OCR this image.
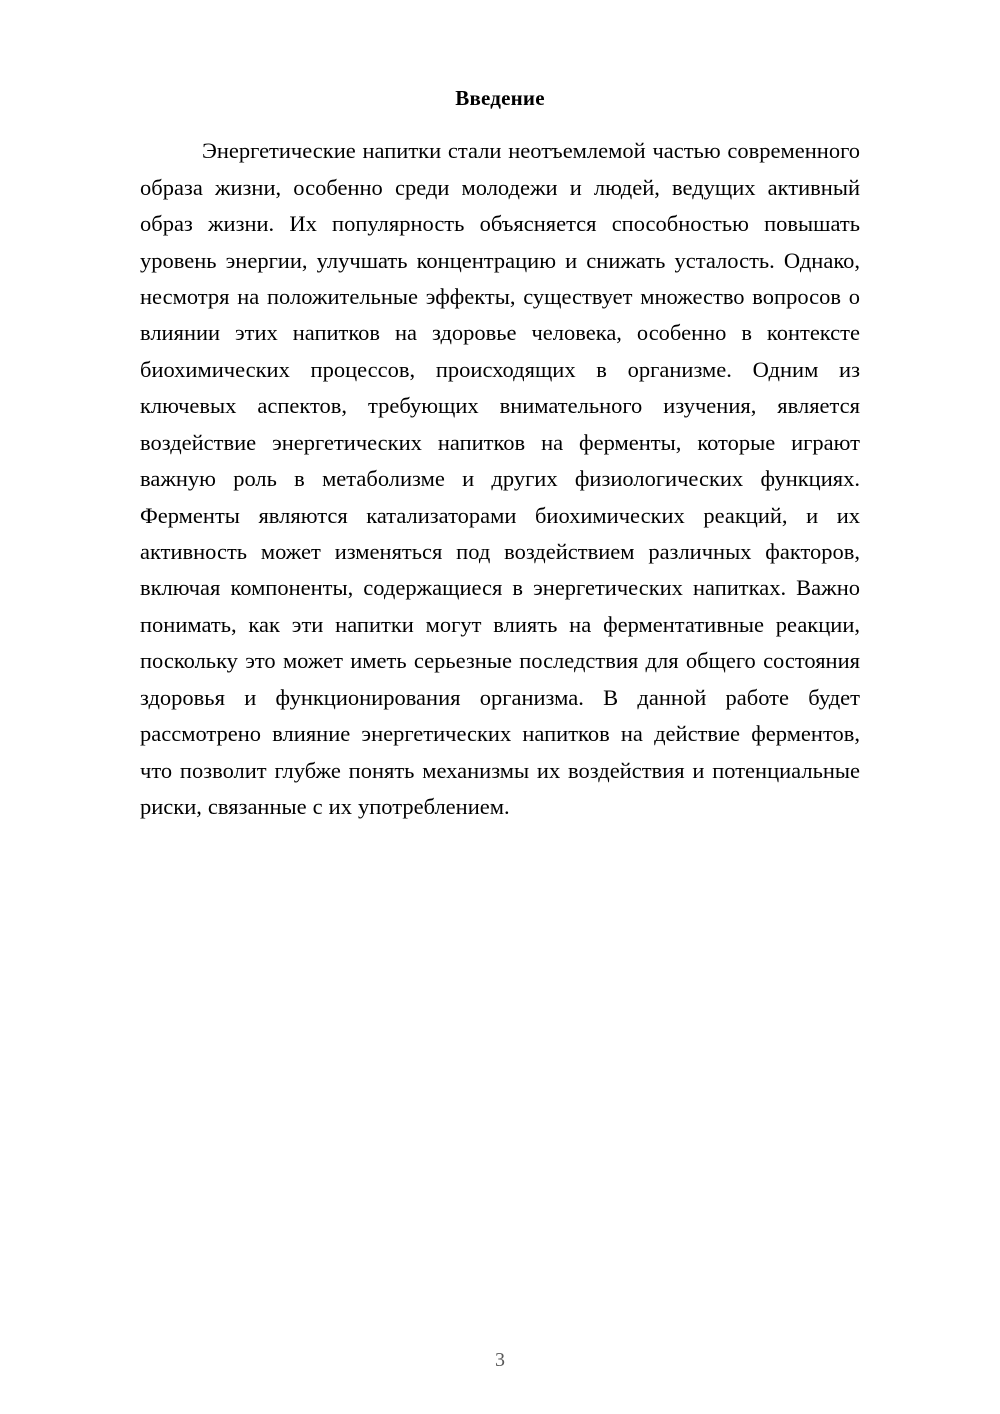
Введение

Энергетические напитки стали неотъемлемой частью современного образа жизни, особенно среди молодежи и людей, ведущих активный образ жизни. Их популярность объясняется способностью повышать уровень энергии, улучшать концентрацию и снижать усталость. Однако, несмотря на положительные эффекты, существует множество вопросов о влиянии этих напитков на здоровье человека, особенно в контексте биохимических процессов, происходящих в организме. Одним из ключевых аспектов, требующих внимательного изучения, является воздействие энергетических напитков на ферменты, которые играют важную роль в метаболизме и других физиологических функциях. Ферменты являются катализаторами биохимических реакций, и их активность может изменяться под воздействием различных факторов, включая компоненты, содержащиеся в энергетических напитках. Важно понимать, как эти напитки могут влиять на ферментативные реакции, поскольку это может иметь серьезные последствия для общего состояния здоровья и функционирования организма. В данной работе будет рассмотрено влияние энергетических напитков на действие ферментов, что позволит глубже понять механизмы их воздействия и потенциальные риски, связанные с их употреблением.

3
